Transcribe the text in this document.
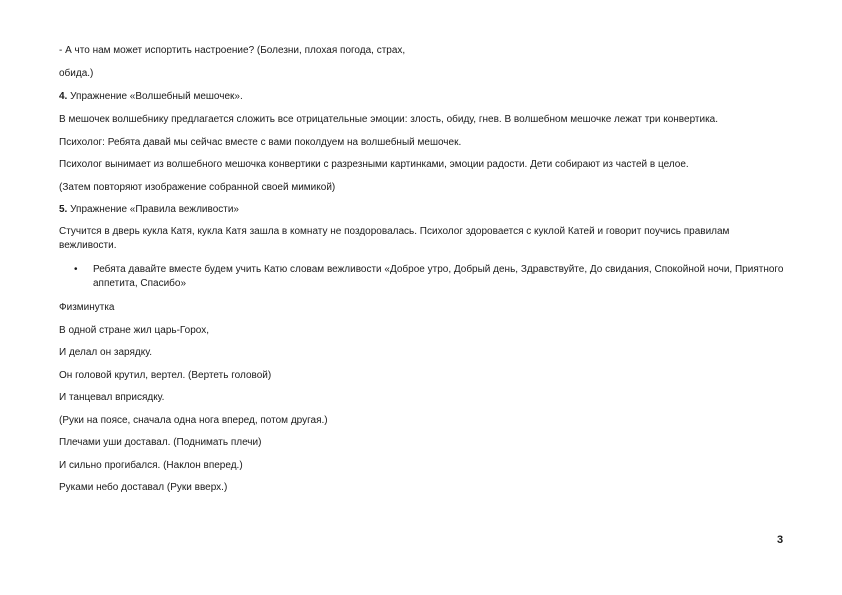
- А что нам может испортить настроение? (Болезни, плохая погода, страх,

обида.)

4. Упражнение «Волшебный мешочек».

В мешочек волшебнику предлагается сложить все отрицательные эмоции: злость, обиду, гнев. В волшебном мешочке лежат три конвертика.

Психолог: Ребята давай мы сейчас вместе с вами поколдуем на волшебный мешочек.

Психолог вынимает из волшебного мешочка конвертики с разрезными картинками, эмоции радости. Дети собирают из частей в целое.

(Затем повторяют изображение собранной своей мимикой)

5. Упражнение «Правила вежливости»

Стучится в дверь кукла Катя, кукла Катя зашла в комнату не поздоровалась. Психолог здоровается с куклой Катей и говорит поучись правилам вежливости.

• Ребята давайте вместе будем учить Катю словам вежливости «Доброе утро, Добрый день, Здравствуйте, До свидания, Спокойной ночи, Приятного аппетита, Спасибо»

Физминутка

В одной стране жил царь-Горох,

И делал он зарядку.

Он головой крутил, вертел. (Вертеть головой)

И танцевал вприсядку.

(Руки на поясе, сначала одна нога вперед, потом другая.)

Плечами уши доставал. (Поднимать плечи)

И сильно прогибался. (Наклон вперед.)

Руками небо доставал (Руки вверх.)

3
